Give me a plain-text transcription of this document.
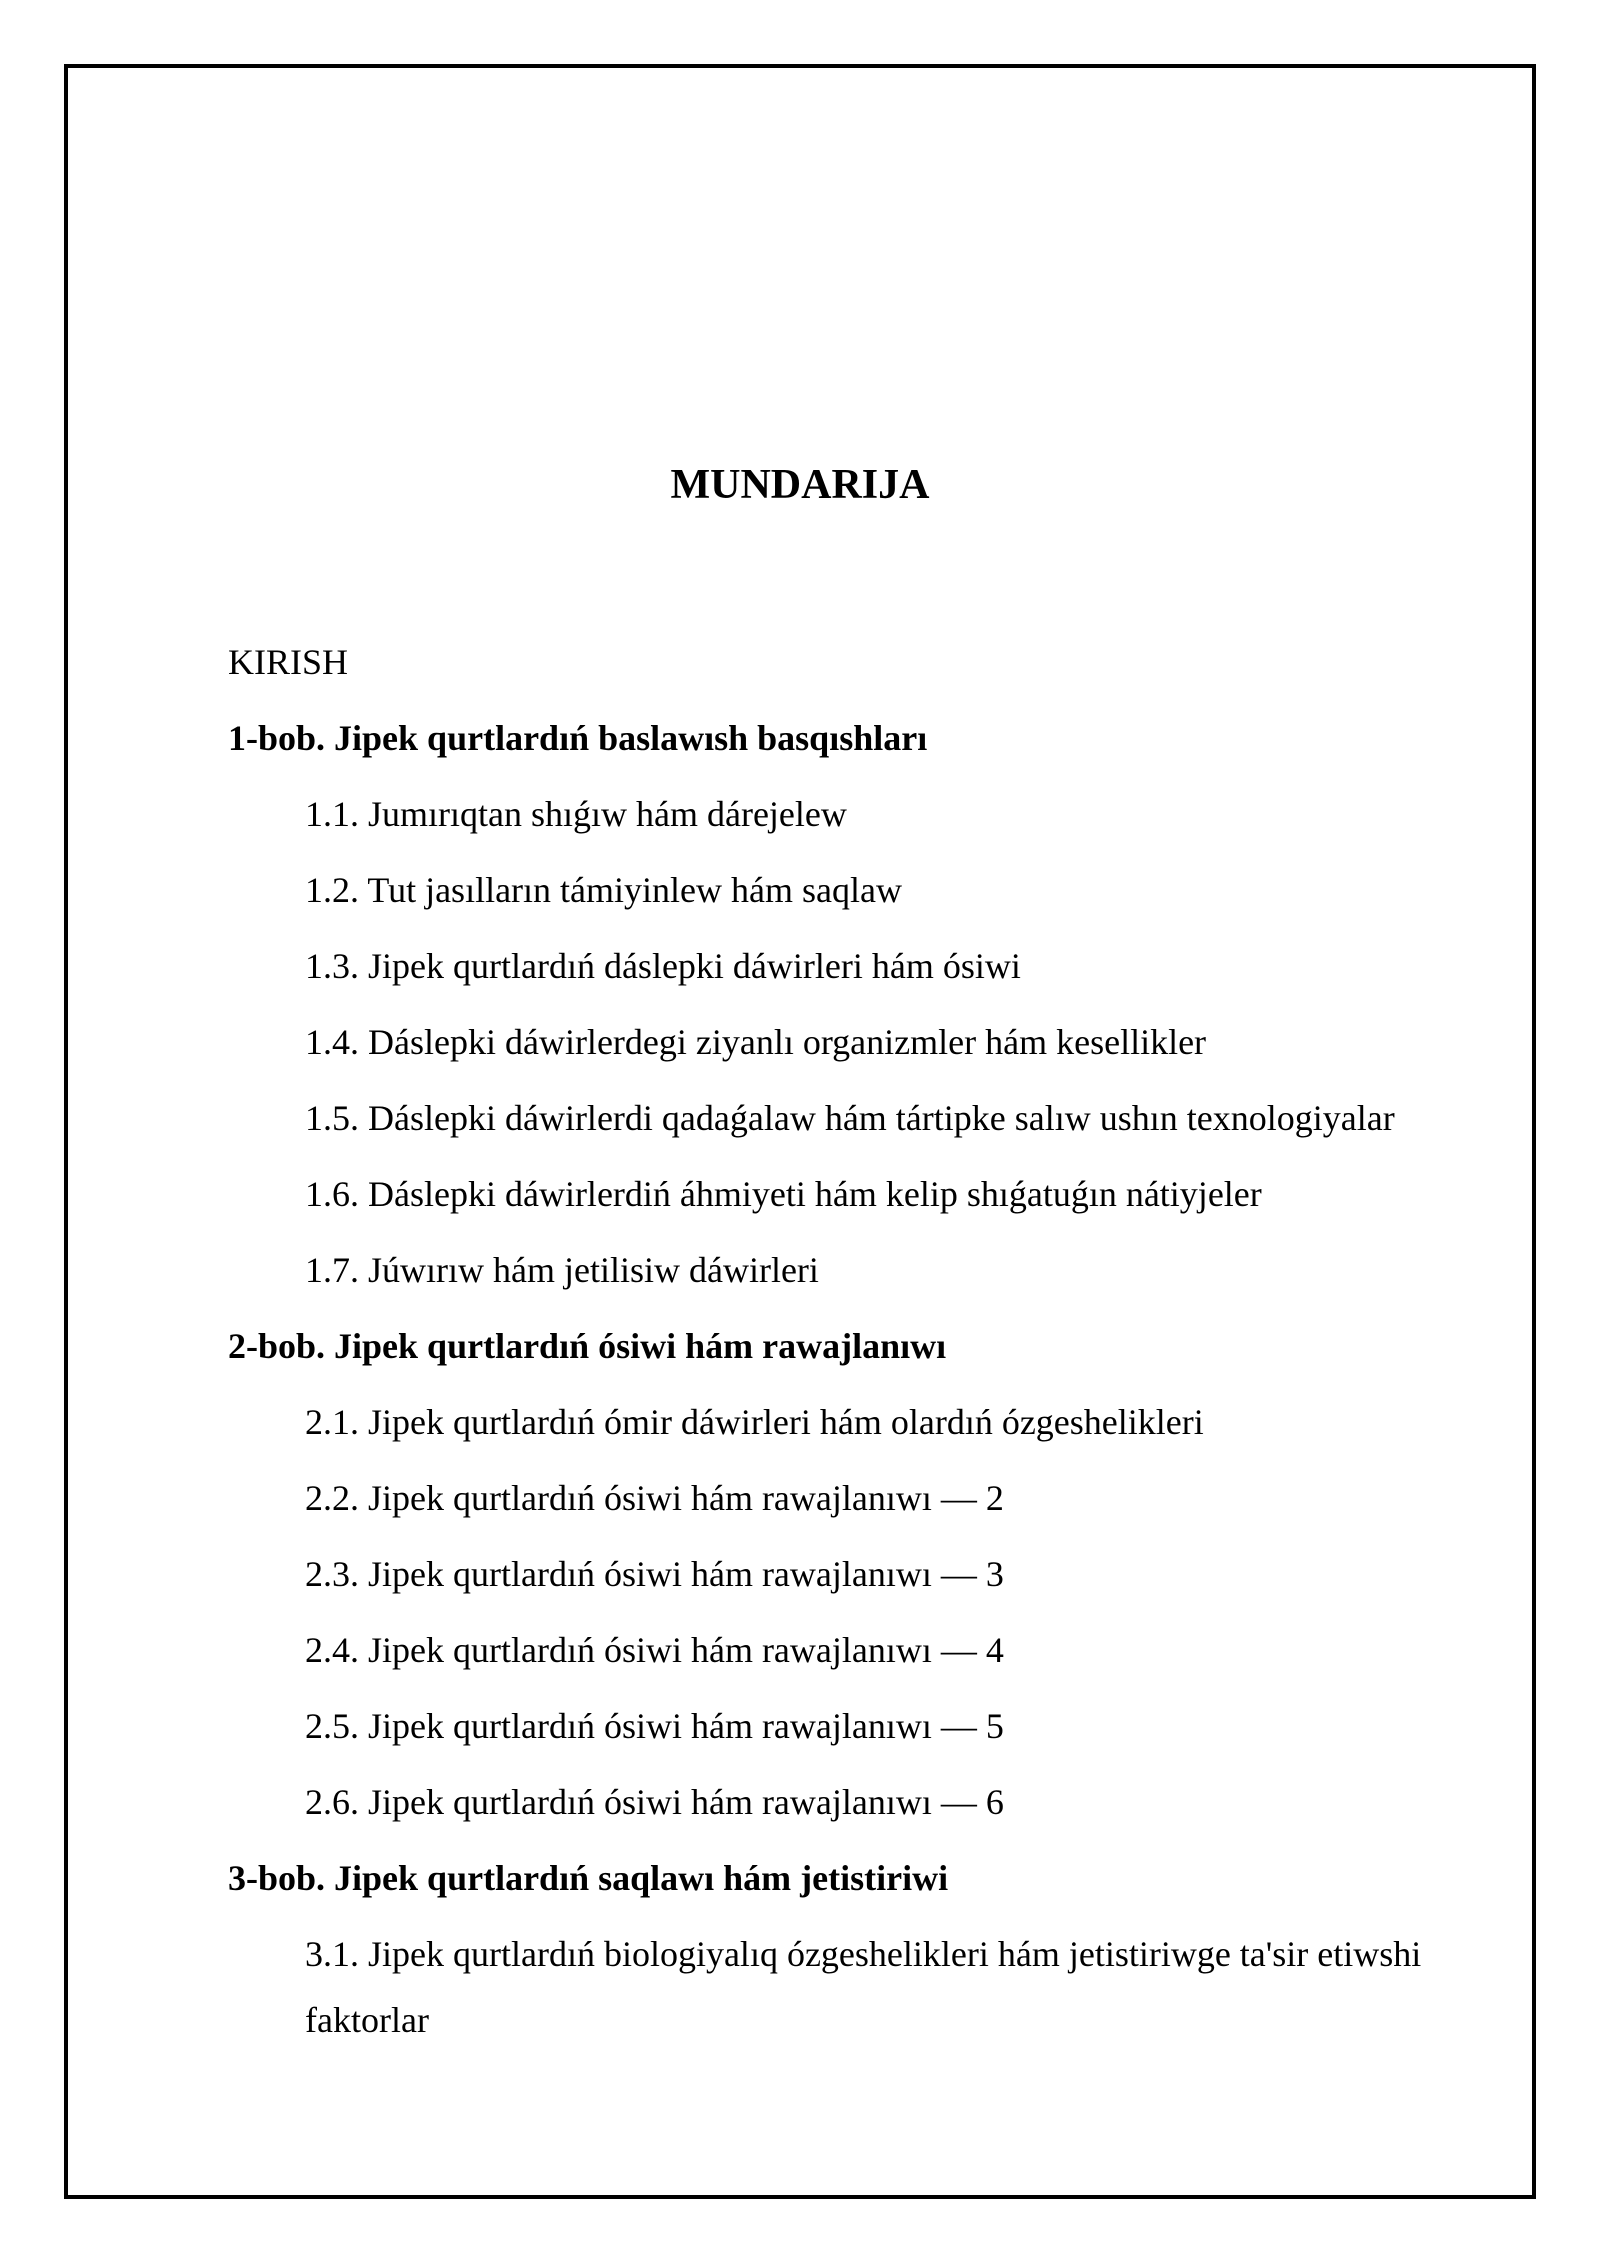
MUNDARIJA
KIRISH
1-bob. Jipek qurtlardıń baslawısh basqıshları
1.1. Jumırıqtan shıǵıw hám dárejelew
1.2. Tut jasılların támiyinlew hám saqlaw
1.3. Jipek qurtlardıń dáslepki dáwirleri hám ósiwi
1.4. Dáslepki dáwirlerdegi ziyanlı organizmler hám kesellikler
1.5. Dáslepki dáwirlerdi qadaǵalaw hám tártipke salıw ushın texnologiyalar
1.6. Dáslepki dáwirlerdiń áhmiyeti hám kelip shıǵatuǵın nátiyjeler
1.7. Júwırıw hám jetilisiw dáwirleri
2-bob. Jipek qurtlardıń ósiwi hám rawajlanıwı
2.1. Jipek qurtlardıń ómir dáwirleri hám olardıń ózgeshelikleri
2.2. Jipek qurtlardıń ósiwi hám rawajlanıwı — 2
2.3. Jipek qurtlardıń ósiwi hám rawajlanıwı — 3
2.4. Jipek qurtlardıń ósiwi hám rawajlanıwı — 4
2.5. Jipek qurtlardıń ósiwi hám rawajlanıwı — 5
2.6. Jipek qurtlardıń ósiwi hám rawajlanıwı — 6
3-bob. Jipek qurtlardıń saqlawı hám jetistiriwi
3.1. Jipek qurtlardıń biologiyalıq ózgeshelikleri hám jetistiriwge ta'sir etiwshi faktorlar
